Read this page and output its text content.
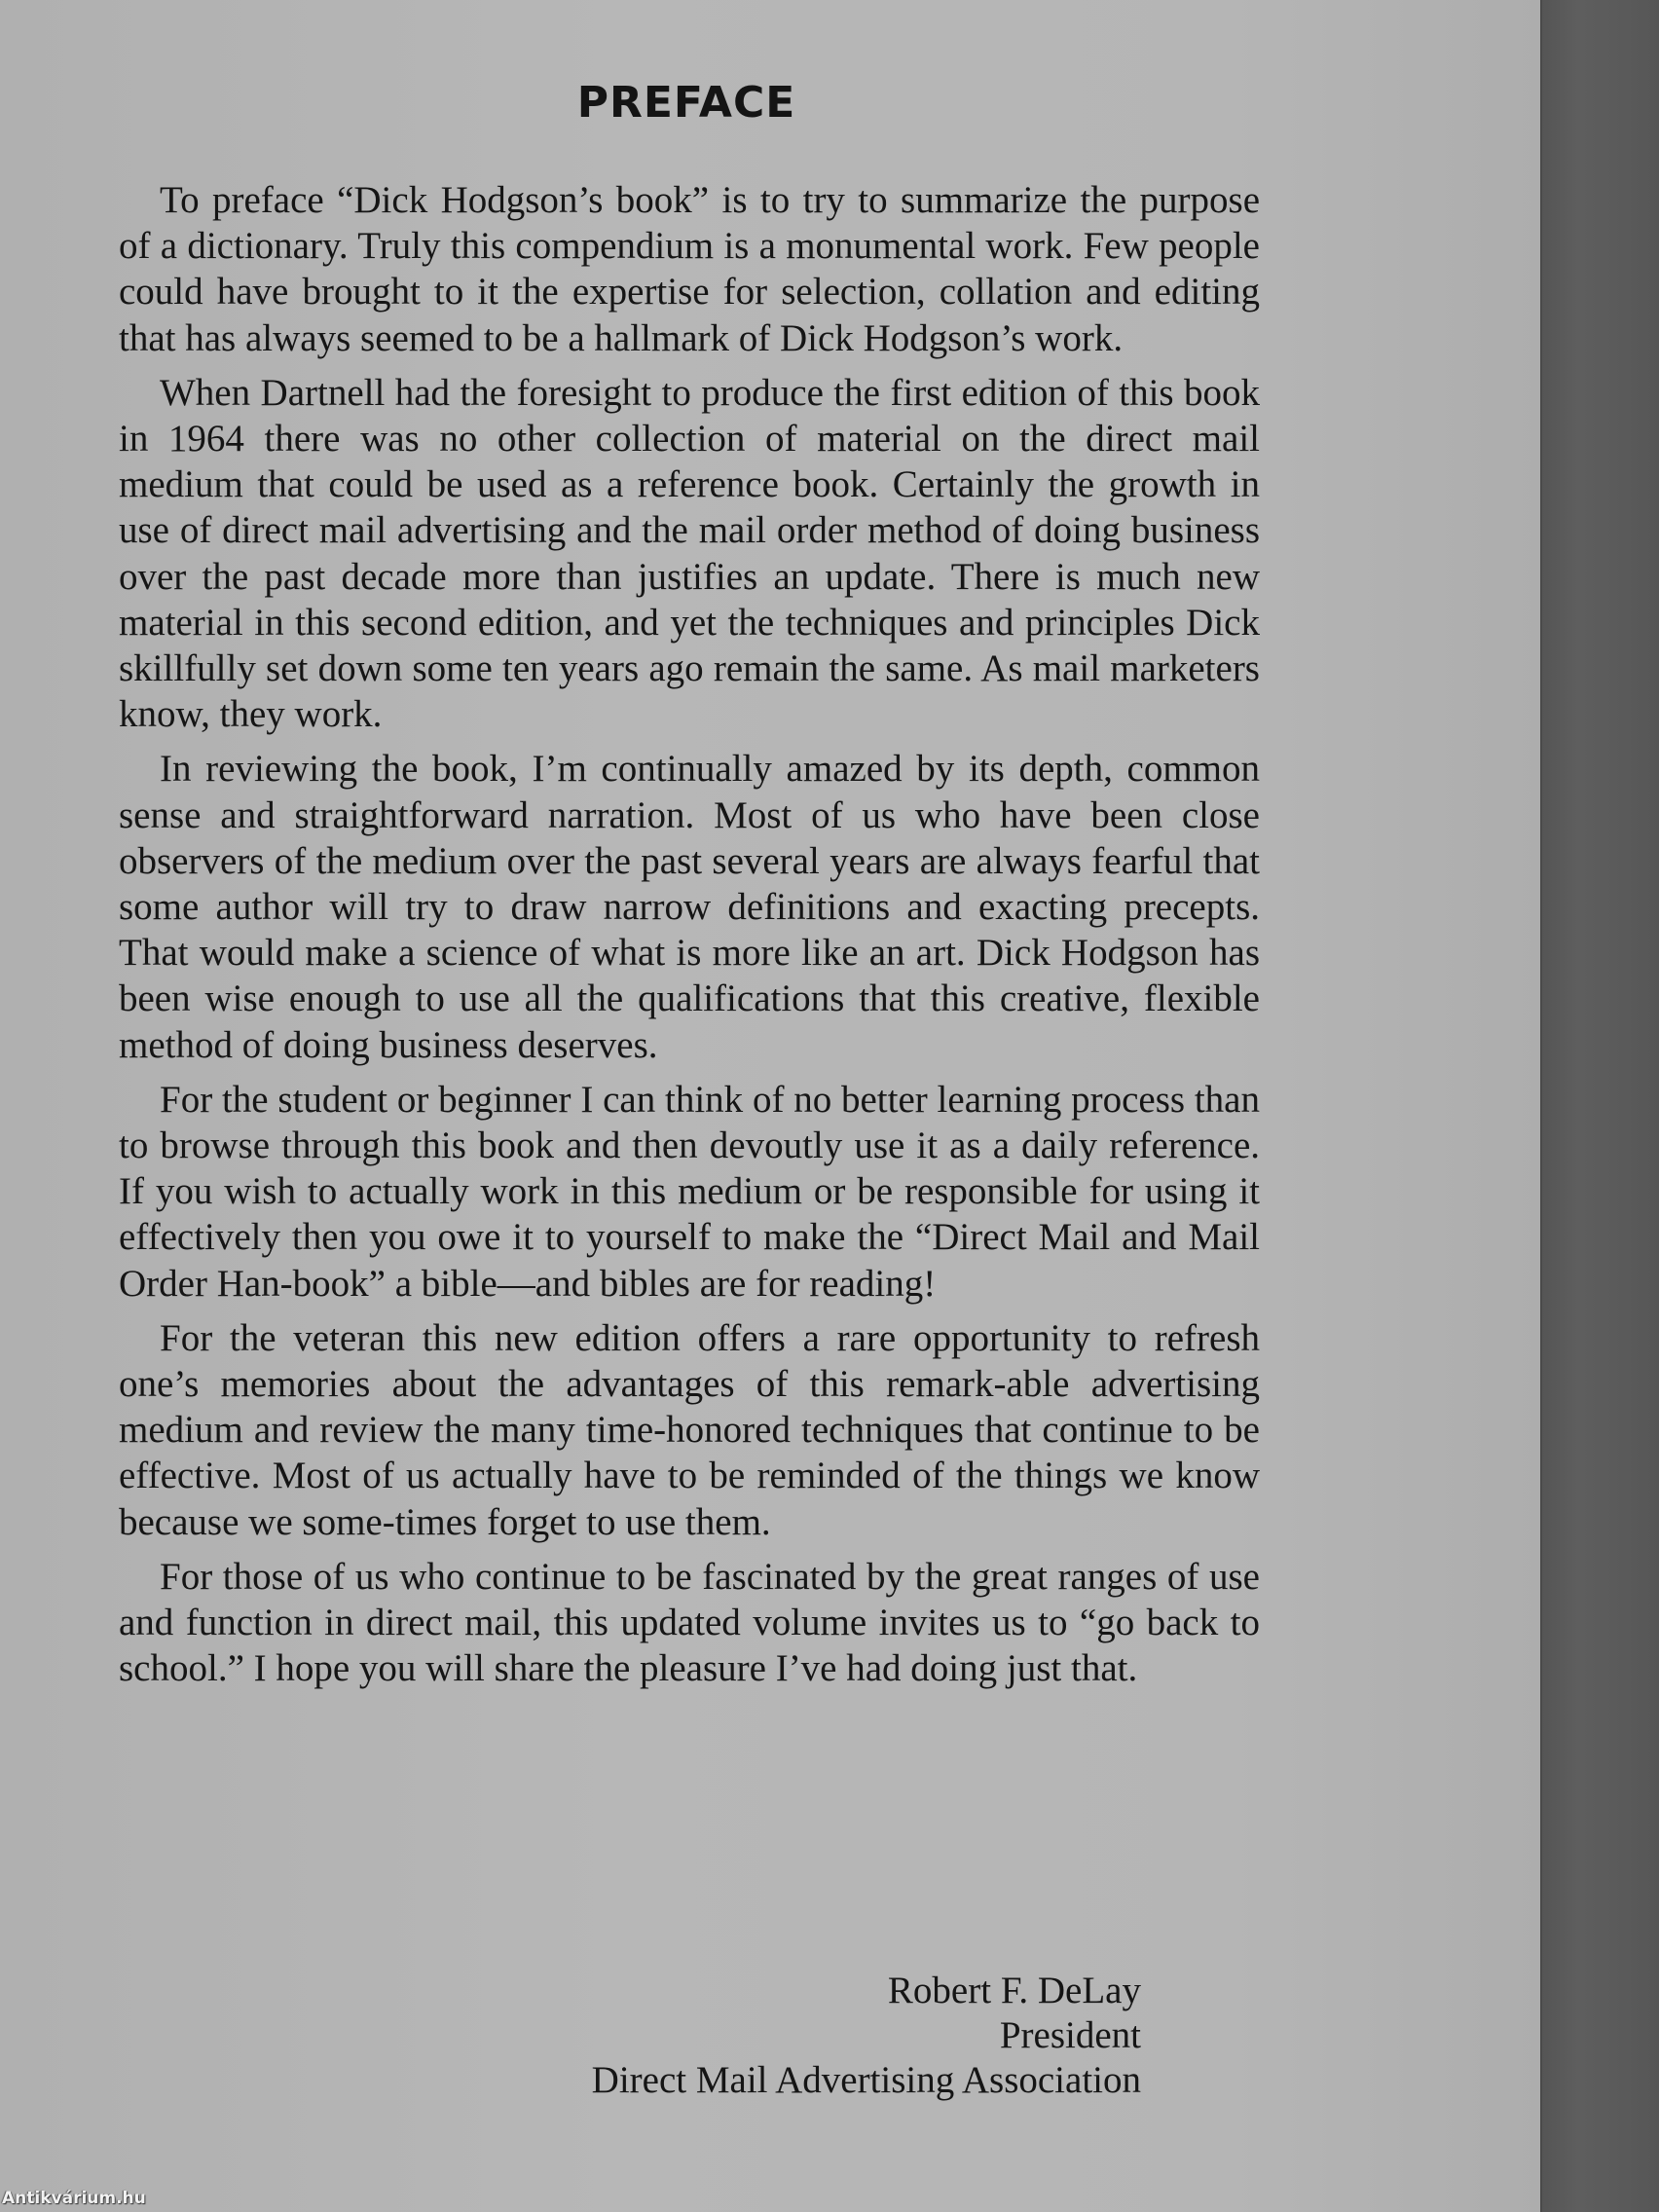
PREFACE

To preface “Dick Hodgson’s book” is to try to summarize the purpose of a dictionary. Truly this compendium is a monumental work. Few people could have brought to it the expertise for selection, collation and editing that has always seemed to be a hallmark of Dick Hodgson’s work.

When Dartnell had the foresight to produce the first edition of this book in 1964 there was no other collection of material on the direct mail medium that could be used as a reference book. Certainly the growth in use of direct mail advertising and the mail order method of doing business over the past decade more than justifies an update. There is much new material in this second edition, and yet the techniques and principles Dick skillfully set down some ten years ago remain the same. As mail marketers know, they work.

In reviewing the book, I’m continually amazed by its depth, common sense and straightforward narration. Most of us who have been close observers of the medium over the past several years are always fearful that some author will try to draw narrow definitions and exacting precepts. That would make a science of what is more like an art. Dick Hodgson has been wise enough to use all the qualifications that this creative, flexible method of doing business deserves.

For the student or beginner I can think of no better learning process than to browse through this book and then devoutly use it as a daily reference. If you wish to actually work in this medium or be responsible for using it effectively then you owe it to yourself to make the “Direct Mail and Mail Order Han-book” a bible—and bibles are for reading!

For the veteran this new edition offers a rare opportunity to refresh one’s memories about the advantages of this remark-able advertising medium and review the many time-honored techniques that continue to be effective. Most of us actually have to be reminded of the things we know because we some-times forget to use them.

For those of us who continue to be fascinated by the great ranges of use and function in direct mail, this updated volume invites us to “go back to school.” I hope you will share the pleasure I’ve had doing just that.

Robert F. DeLay
President
Direct Mail Advertising Association
Antikvárium.hu
